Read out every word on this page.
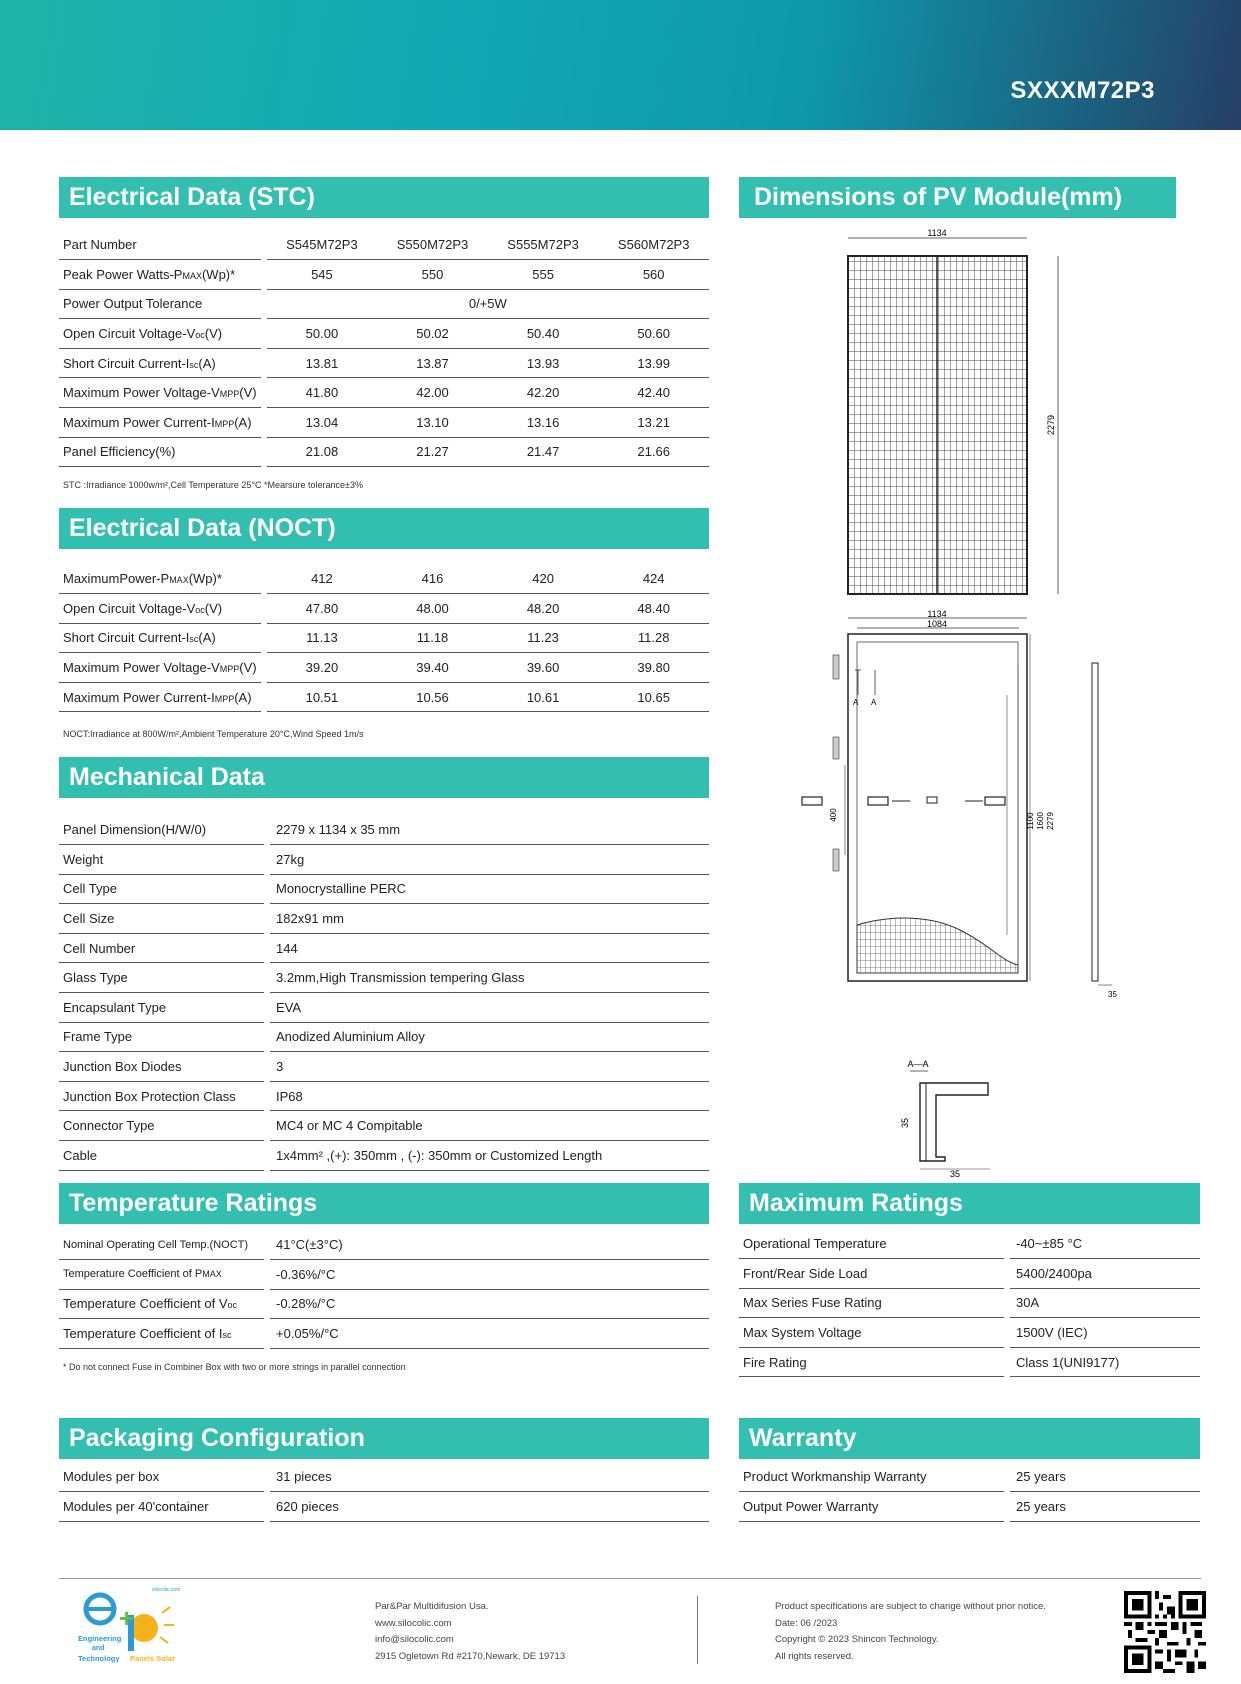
SXXXM72P3
Electrical Data (STC)
Part Number		S545M72P3	S550M72P3	S555M72P3	S560M72P3
Peak Power Watts-PMAX(Wp)*		545	550	555	560
Power Output Tolerance		0/+5W			
Open Circuit Voltage-Voc(V)		50.00	50.02	50.40	50.60
Short Circuit Current-Isc(A)		13.81	13.87	13.93	13.99
Maximum Power Voltage-VMPP(V)		41.80	42.00	42.20	42.40
Maximum Power Current-IMPP(A)		13.04	13.10	13.16	13.21
Panel Efficiency(%)		21.08	21.27	21.47	21.66
STC :Irradiance 1000w/m²,Cell Temperature 25°C *Mearsure tolerance±3%
Electrical Data (NOCT)
MaximumPower-PMAX(Wp)*		412	416	420	424
Open Circuit Voltage-Voc(V)		47.80	48.00	48.20	48.40
Short Circuit Current-Isc(A)		11.13	11.18	11.23	11.28
Maximum Power Voltage-VMPP(V)		39.20	39.40	39.60	39.80
Maximum Power Current-IMPP(A)		10.51	10.56	10.61	10.65
NOCT:Irradiance at 800W/m²,Ambient Temperature 20°C,Wind Speed 1m/s
Mechanical Data
Panel Dimension(H/W/0)		2279 x 1134 x 35 mm
Weight		27kg
Cell Type		Monocrystalline PERC
Cell Size		182x91 mm
Cell Number		144
Glass Type		3.2mm,High Transmission tempering Glass
Encapsulant Type		EVA
Frame Type		Anodized Aluminium Alloy
Junction Box Diodes		3
Junction Box Protection Class		IP68
Connector Type		MC4 or MC 4 Compitable
Cable		1x4mm² ,(+): 350mm , (-): 350mm or Customized Length
Temperature Ratings
Nominal Operating Cell Temp.(NOCT)		41°C(±3°C)
Temperature Coefficient of PMAX		-0.36%/°C
Temperature Coefficient of Voc		-0.28%/°C
Temperature Coefficient of Isc		+0.05%/°C
* Do not connect Fuse in Combiner Box with two or more strings in parallel connection
Maximum Ratings
Operational Temperature		-40~±85 °C
Front/Rear Side Load		5400/2400pa
Max Series Fuse Rating		30A
Max System Voltage		1500V (IEC)
Fire Rating		Class 1(UNI9177)
Packaging Configuration
Modules per box		31 pieces
Modules per 40'container		620 pieces
Warranty
Product Workmanship Warranty		25 years
Output Power Warranty		25 years
Dimensions of PV Module(mm)
1134
2279
1134
1084
A A
400	1100 1600 2279
35
A—A
35
35
+
silocolic.com
Engineering
and
Technology Panels Solar
Par&Par Multidifusion Usa.
www.silocolic.com
info@silocolic.com
2915 Ogletown Rd #2170,Newark, DE 19713
Product specifications are subject to change without prior notice.
Date: 06 /2023
Copyright © 2023 Shincon Technology.
All rights reserved.
